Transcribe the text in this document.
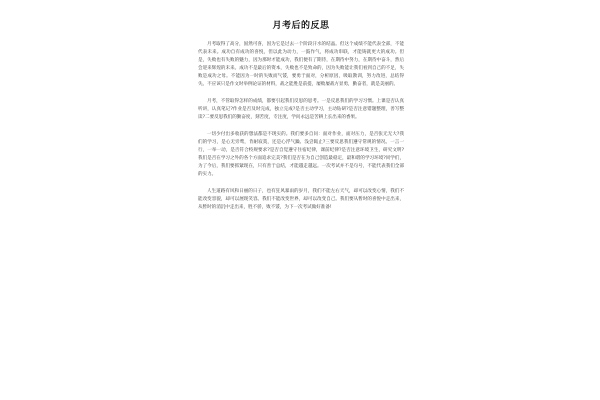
月考后的反思

月考取得了高分，固然可喜，因为它是过去一个阶段汗水的结晶。但这个成绩不能代表全部，不能代表未来。成功自有成功的喜悦，但以此为动力，一鼓作气，将成功串联，才能铸就更大的成功。但是，失败也有失败的魅力，因为那时才能成功，我们便有了期待，在期待中努力，在期待中奋斗，然后会迎来辉煌的未来。成功不是最后的资本，失败也不是致命的，因为失败能让我们看到自己的不足，失败是成功之母。不能因为一时的失败而气馁，要勇于面对，分析原因，吸取教训，努力改进，总结得失。不应该只是作文时举例论证的材料，战之能胜是前提，屡败屡战方显勇，勤奋者，就是美丽的。

月考，不管取得怎样的成绩，都要引起我们反思的思考。一是反思我们的学习习惯。上课是否认真听讲，认真笔记?作业是否及时完成，独立完成?是否主动学习，主动钻研?是否注意错题整理，善写整读?二要反思我们的勤奋度，刻苦度，专注度，学问永远是苦耕上长出来的香果。

一切少付出多收获的想法都是不现实的。我们要多自问：面对作业，面对压力，是否张无无大?我们的学习，是心无旁骛，肯耐寂寞，还是心浮气躁、浅尝辄止?三要反思我们遵守常规的情况。一言一行，一举一动，是否符合校规要求?是否自觉遵守住宿纪律，课前纪律?是否注意环境卫生，研究文明?我们是否在学习之外的各个方面追求完美?我们是否在为自己创造最稳定，最和谐的学习环境?同学们，为了今后，我们要抓紧现在，只有善于总结，才能越走越远。一次考试并不是句号，不能代表我们全部的实力。

人生道路有风和日丽的日子，也有狂风暴雨的岁月，我们不能左右天气，却可以改变心情，我们不能改变容貌，却可以展现笑容。我们不能改变世界，却可以改变自己。我们要从暂时的喜悦中走出来，从暂时的消沉中走出来，胜不骄，败不馁，为下一次考试做好准备!
